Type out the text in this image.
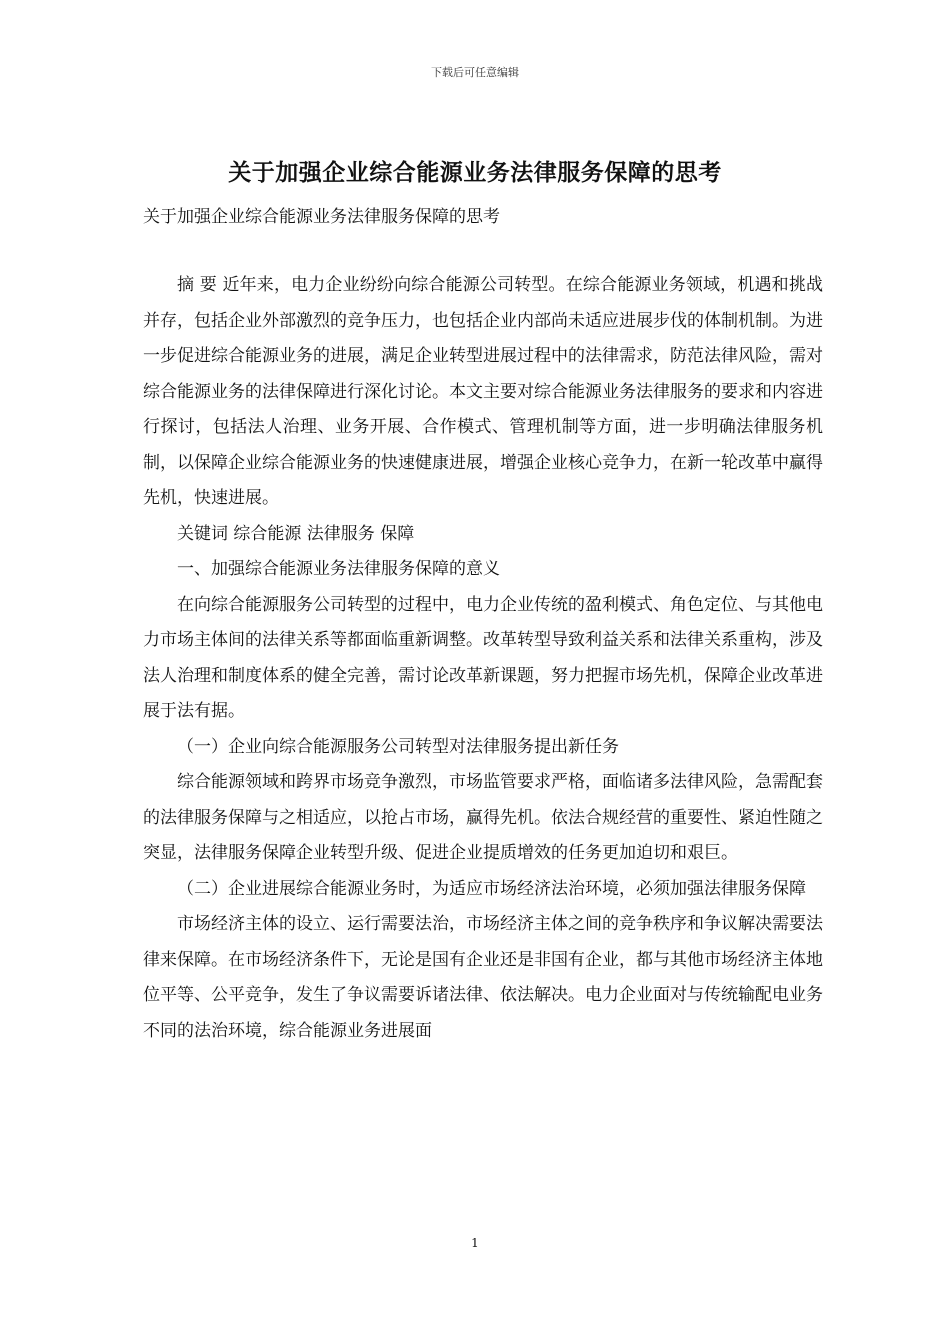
下载后可任意编辑
关于加强企业综合能源业务法律服务保障的思考
关于加强企业综合能源业务法律服务保障的思考

摘 要 近年来，电力企业纷纷向综合能源公司转型。在综合能源业务领域，机遇和挑战并存，包括企业外部激烈的竞争压力，也包括企业内部尚未适应进展步伐的体制机制。为进一步促进综合能源业务的进展，满足企业转型进展过程中的法律需求，防范法律风险，需对综合能源业务的法律保障进行深化讨论。本文主要对综合能源业务法律服务的要求和内容进行探讨，包括法人治理、业务开展、合作模式、管理机制等方面，进一步明确法律服务机制，以保障企业综合能源业务的快速健康进展，增强企业核心竞争力，在新一轮改革中赢得先机，快速进展。

关键词 综合能源 法律服务 保障

一、加强综合能源业务法律服务保障的意义

在向综合能源服务公司转型的过程中，电力企业传统的盈利模式、角色定位、与其他电力市场主体间的法律关系等都面临重新调整。改革转型导致利益关系和法律关系重构，涉及法人治理和制度体系的健全完善，需讨论改革新课题，努力把握市场先机，保障企业改革进展于法有据。

（一）企业向综合能源服务公司转型对法律服务提出新任务

综合能源领域和跨界市场竞争激烈，市场监管要求严格，面临诸多法律风险，急需配套的法律服务保障与之相适应，以抢占市场，赢得先机。依法合规经营的重要性、紧迫性随之突显，法律服务保障企业转型升级、促进企业提质增效的任务更加迫切和艰巨。

（二）企业进展综合能源业务时，为适应市场经济法治环境，必须加强法律服务保障

市场经济主体的设立、运行需要法治，市场经济主体之间的竞争秩序和争议解决需要法律来保障。在市场经济条件下，无论是国有企业还是非国有企业，都与其他市场经济主体地位平等、公平竞争，发生了争议需要诉诸法律、依法解决。电力企业面对与传统输配电业务不同的法治环境，综合能源业务进展面

1
